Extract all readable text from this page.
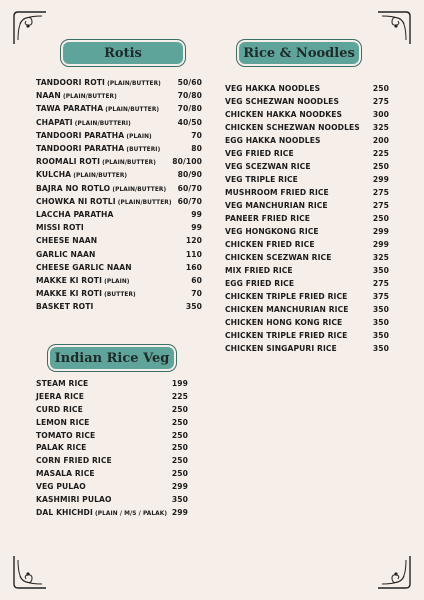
Rotis	Rice & Noodles
Indian Rice Veg
TANDOORI ROTI (PLAIN/BUTTER) 50/60
NAAN (PLAIN/BUTTER)	70/80
TAWA PARATHA (PLAIN/BUTTER) 70/80
CHAPATI (PLAIN/BUTTERI)	40/50
TANDOORI PARATHA (PLAIN)	70
TANDOORI PARATHA (BUTTERI)	80
ROOMALI ROTI (PLAIN/BUTTER) 80/100
KULCHA (PLAIN/BUTTER)	80/90
BAJRA NO ROTLO (PLAIN/BUTTER) 60/70
CHOWKA NI ROTLI (PLAIN/BUTTER) 60/70
LACCHA PARATHA	99
MISSI ROTI	99
CHEESE NAAN	120
GARLIC NAAN	110
CHEESE GARLIC NAAN	160
MAKKE KI ROTI (PLAIN)	60
MAKKE KI ROTI (BUTTER)	70
BASKET ROTI	350
VEG HAKKA NOODLES	250
VEG SCHEZWAN NOODLES	275
CHICKEN HAKKA NOODKES	300
CHICKEN SCHEZWAN NOODLES 325
EGG HAKKA NOODLES	200
VEG FRIED RICE	225
VEG SCEZWAN RICE	250
VEG TRIPLE RICE	299
MUSHROOM FRIED RICE	275
VEG MANCHURIAN RICE	275
PANEER FRIED RICE	250
VEG HONGKONG RICE	299
CHICKEN FRIED RICE	299
CHICKEN SCEZWAN RICE	325
MIX FRIED RICE	350
EGG FRIED RICE	275
CHICKEN TRIPLE FRIED RICE	375
CHICKEN MANCHURIAN RICE	350
CHICKEN HONG KONG RICE	350
CHICKEN TRIPLE FRIED RICE	350
CHICKEN SINGAPURI RICE	350
STEAM RICE	199
JEERA RICE	225
CURD RICE	250
LEMON RICE	250
TOMATO RICE	250
PALAK RICE	250
CORN FRIED RICE	250
MASALA RICE	250
VEG PULAO	299
KASHMIRI PULAO	350
DAL KHICHDI (PLAIN / M/S / PALAK) 299
